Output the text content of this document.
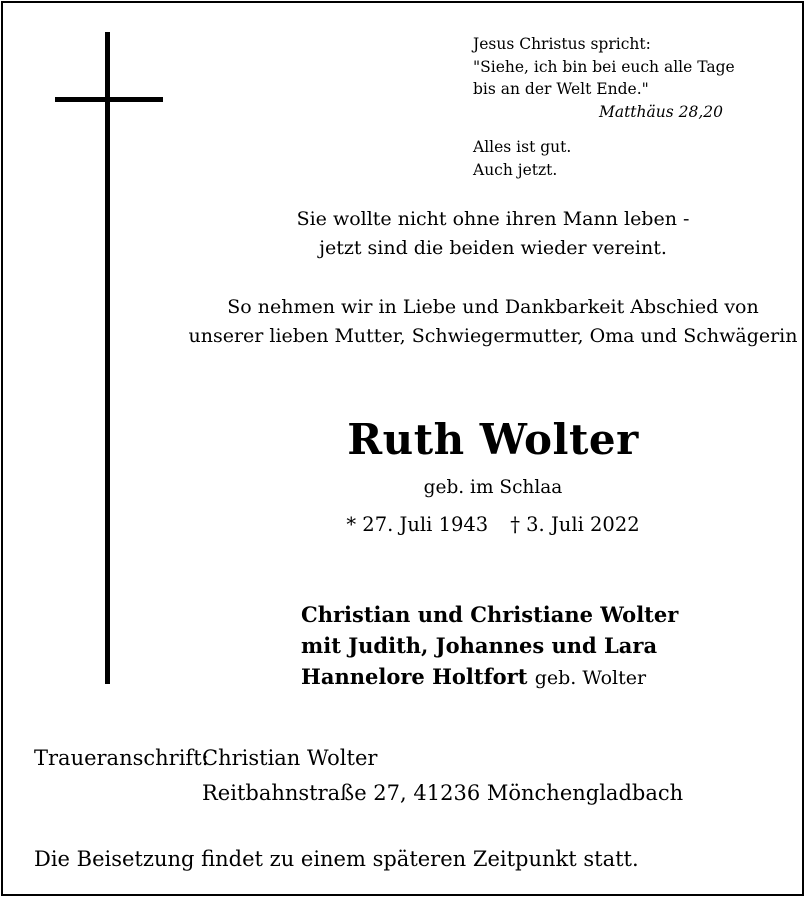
Jesus Christus spricht:
"Siehe, ich bin bei euch alle Tage
bis an der Welt Ende."
Matthäus 28,20
Alles ist gut.
Auch jetzt.
Sie wollte nicht ohne ihren Mann leben -
jetzt sind die beiden wieder vereint.
So nehmen wir in Liebe und Dankbarkeit Abschied von
unserer lieben Mutter, Schwiegermutter, Oma und Schwägerin
Ruth Wolter
geb. im Schlaa
* 27. Juli 1943 † 3. Juli 2022
Christian und Christiane Wolter
mit Judith, Johannes und Lara
Hannelore Holtfort geb. Wolter
Traueranschrift:
Christian Wolter
Reitbahnstraße 27, 41236 Mönchengladbach
Die Beisetzung findet zu einem späteren Zeitpunkt statt.
